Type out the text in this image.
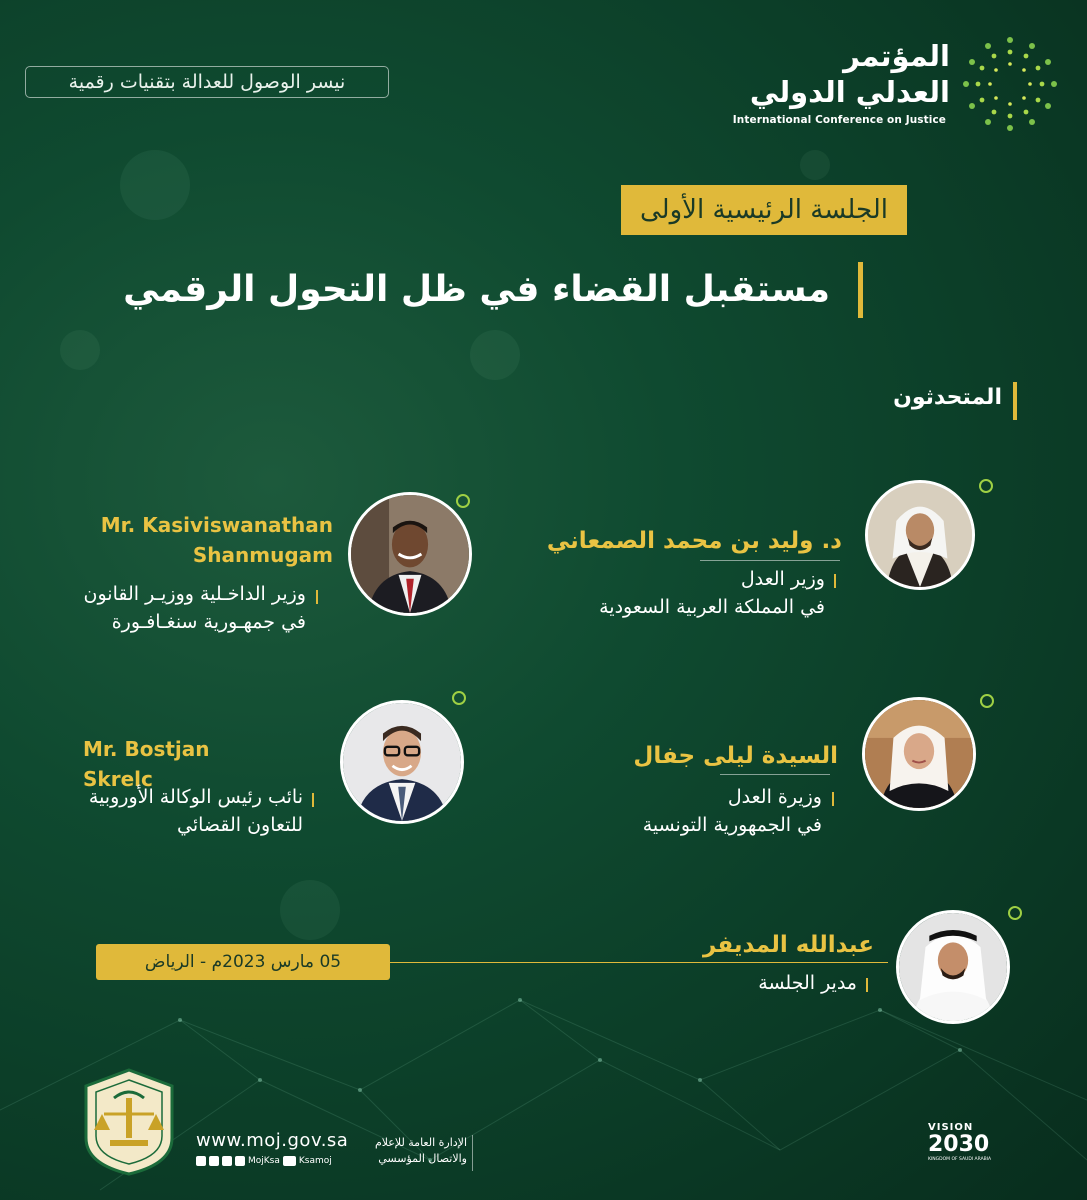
نيسر الوصول للعدالة بتقنيات رقمية
المؤتمر
العدلي الدولي
International Conference on Justice
الجلسة الرئيسية الأولى
مستقبل القضاء في ظل التحول الرقمي
المتحدثون
د. وليد بن محمد الصمعاني
وزير العدل
في المملكة العربية السعودية
Mr. Kasiviswanathan
Shanmugam
وزير الداخـلية ووزيـر القانون
في جمهـورية سنغـافـورة
السيدة ليلى جفال
وزيرة العدل
في الجمهورية التونسية
Mr. Bostjan Skrelc
نائب رئيس الوكالة الأوروبية
للتعاون القضائي
عبدالله المديفر
مدير الجلسة
05 مارس 2023م - الرياض
www.moj.gov.sa
MojKsa Ksamoj
الإدارة العامة للإعلام
والاتصال المؤسسي
VISION
2030
KINGDOM OF SAUDI ARABIA
